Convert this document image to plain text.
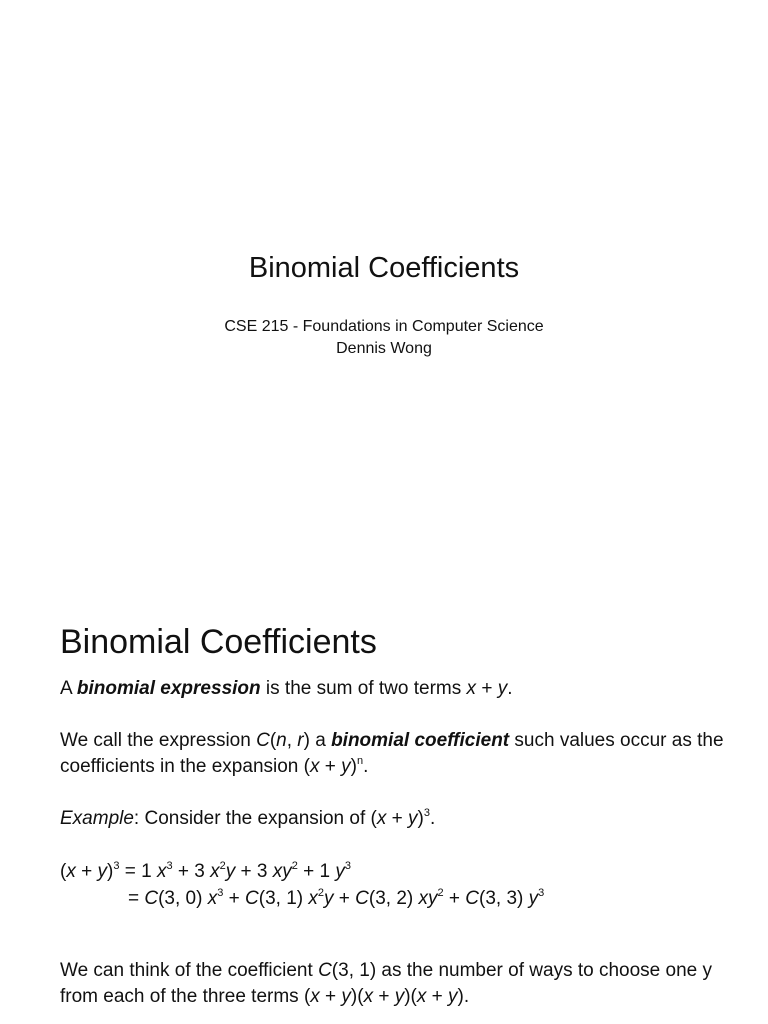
Binomial Coefficients
CSE 215 - Foundations in Computer Science
Dennis Wong
Binomial Coefficients

A binomial expression is the sum of two terms x + y.

We call the expression C(n, r) a binomial coefficient such values occur as the coefficients in the expansion $(x + y)^n$.

Example: Consider the expansion of $(x + y)^3$.

$(x + y)^3 = 1$ $x^3 + 3$ $x^2y + 3$ $xy^2 + 1$ $y^3$
= C(3, 0) $x^3 + C(3$, 1) $x^2y + C(3$, 2) $xy^2 + C(3$, 3) $y^3$

We can think of the coefficient C(3, 1) as the number of ways to choose one y from each of the three terms (x + y)(x + y)(x + y).
